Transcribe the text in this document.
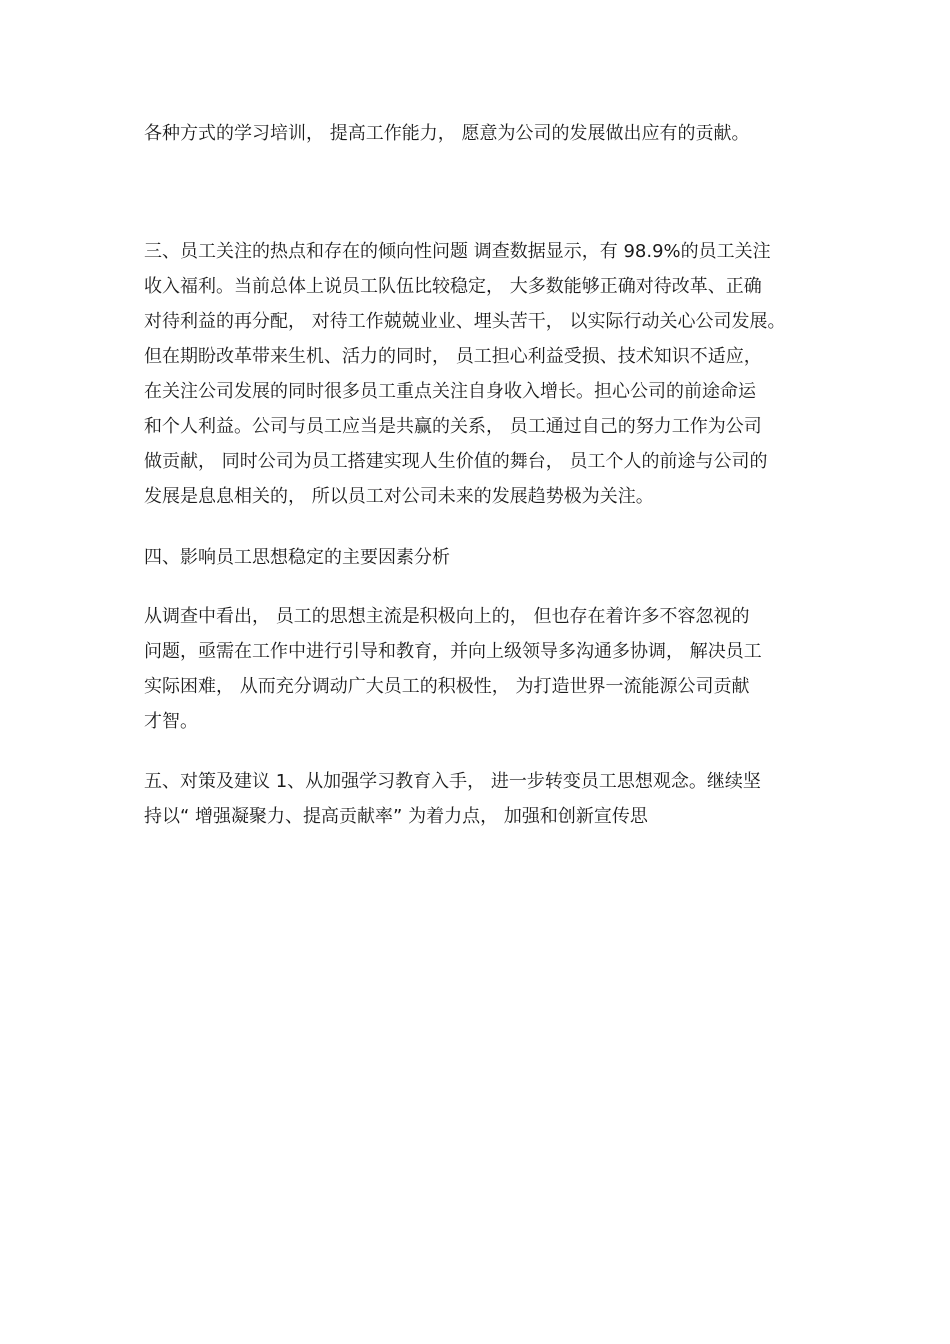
各种方式的学习培训， 提高工作能力， 愿意为公司的发展做出应有的贡献。
三、员工关注的热点和存在的倾向性问题 调查数据显示，有 98.9%的员工关注
收入福利。当前总体上说员工队伍比较稳定， 大多数能够正确对待改革、正确
对待利益的再分配， 对待工作兢兢业业、埋头苦干， 以实际行动关心公司发展。
但在期盼改革带来生机、活力的同时， 员工担心利益受损、技术知识不适应，
在关注公司发展的同时很多员工重点关注自身收入增长。担心公司的前途命运
和个人利益。公司与员工应当是共赢的关系， 员工通过自己的努力工作为公司
做贡献， 同时公司为员工搭建实现人生价值的舞台， 员工个人的前途与公司的
发展是息息相关的， 所以员工对公司未来的发展趋势极为关注。
四、影响员工思想稳定的主要因素分析
从调查中看出， 员工的思想主流是积极向上的， 但也存在着许多不容忽视的
问题，亟需在工作中进行引导和教育，并向上级领导多沟通多协调， 解决员工
实际困难， 从而充分调动广大员工的积极性， 为打造世界一流能源公司贡献
才智。
五、对策及建议 1、从加强学习教育入手， 进一步转变员工思想观念。继续坚
持以“ 增强凝聚力、提高贡献率” 为着力点， 加强和创新宣传思
